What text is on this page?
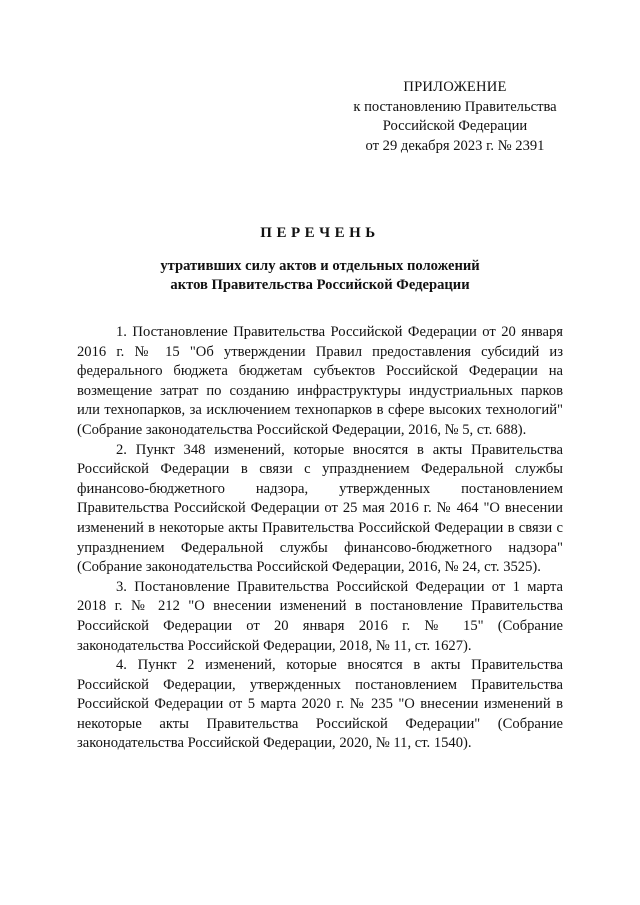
ПРИЛОЖЕНИЕ
к постановлению Правительства
Российской Федерации
от 29 декабря 2023 г. № 2391
ПЕРЕЧЕНЬ
утративших силу актов и отдельных положений
актов Правительства Российской Федерации

1. Постановление Правительства Российской Федерации от 20 января 2016 г. № 15 "Об утверждении Правил предоставления субсидий из федерального бюджета бюджетам субъектов Российской Федерации на возмещение затрат по созданию инфраструктуры индустриальных парков или технопарков, за исключением технопарков в сфере высоких технологий" (Собрание законодательства Российской Федерации, 2016, № 5, ст. 688).

2. Пункт 348 изменений, которые вносятся в акты Правительства Российской Федерации в связи с упразднением Федеральной службы финансово-бюджетного надзора, утвержденных постановлением Правительства Российской Федерации от 25 мая 2016 г. № 464 "О внесении изменений в некоторые акты Правительства Российской Федерации в связи с упразднением Федеральной службы финансово-бюджетного надзора" (Собрание законодательства Российской Федерации, 2016, № 24, ст. 3525).

3. Постановление Правительства Российской Федерации от 1 марта 2018 г. № 212 "О внесении изменений в постановление Правительства Российской Федерации от 20 января 2016 г. № 15" (Собрание законодательства Российской Федерации, 2018, № 11, ст. 1627).

4. Пункт 2 изменений, которые вносятся в акты Правительства Российской Федерации, утвержденных постановлением Правительства Российской Федерации от 5 марта 2020 г. № 235 "О внесении изменений в некоторые акты Правительства Российской Федерации" (Собрание законодательства Российской Федерации, 2020, № 11, ст. 1540).
